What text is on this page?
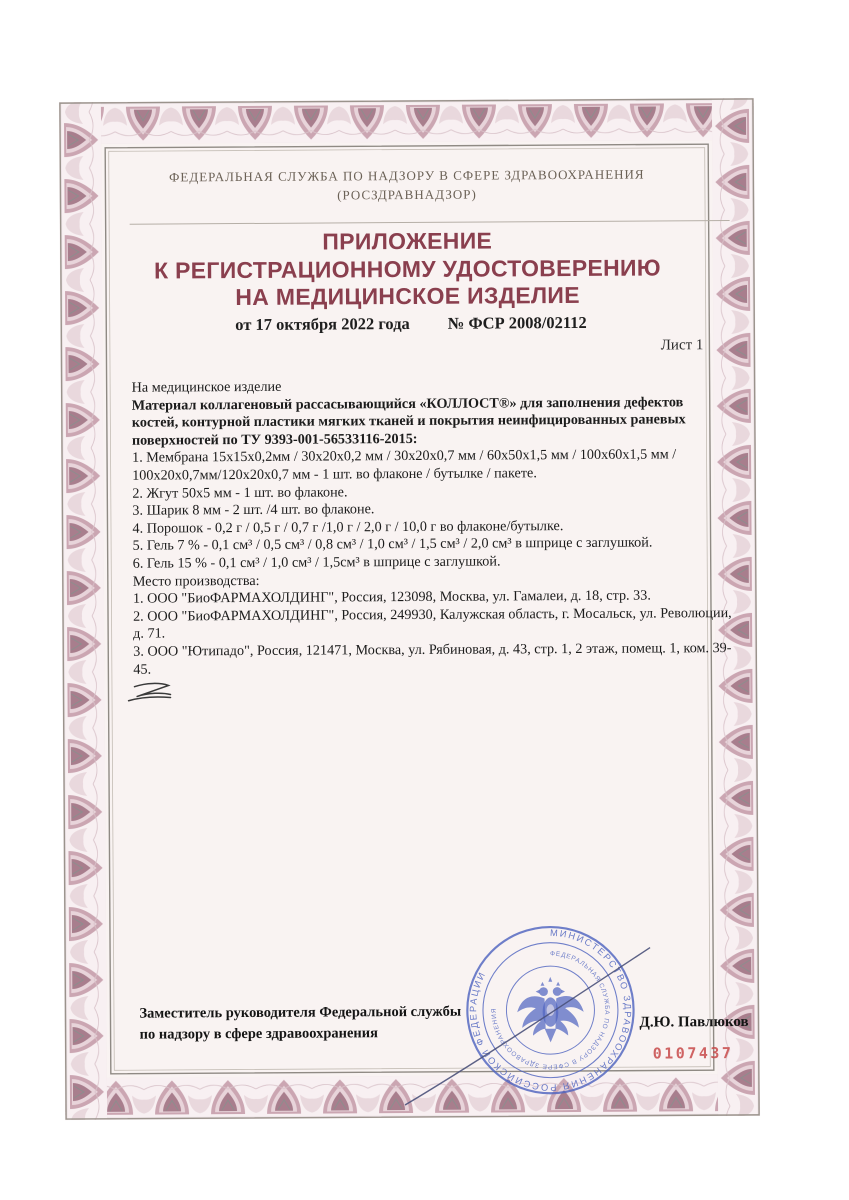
ФЕДЕРАЛЬНАЯ СЛУЖБА ПО НАДЗОРУ В СФЕРЕ ЗДРАВООХРАНЕНИЯ
(РОСЗДРАВНАДЗОР)
ПРИЛОЖЕНИЕ
К РЕГИСТРАЦИОННОМУ УДОСТОВЕРЕНИЮ
НА МЕДИЦИНСКОЕ ИЗДЕЛИЕ
от 17 октября 2022 года № ФСР 2008/02112
Лист 1
На медицинское изделие
Материал коллагеновый рассасывающийся «КОЛЛОСТ®» для заполнения дефектов костей, контурной пластики мягких тканей и покрытия неинфицированных раневых поверхностей по ТУ 9393-001-56533116-2015:
1. Мембрана 15х15х0,2мм / 30х20х0,2 мм / 30х20х0,7 мм / 60х50х1,5 мм / 100х60х1,5 мм / 100х20х0,7мм/120х20х0,7 мм - 1 шт. во флаконе / бутылке / пакете.
2. Жгут 50х5 мм - 1 шт. во флаконе.
3. Шарик 8 мм - 2 шт. /4 шт. во флаконе.
4. Порошок - 0,2 г / 0,5 г / 0,7 г /1,0 г / 2,0 г / 10,0 г во флаконе/бутылке.
5. Гель 7 % - 0,1 см³ / 0,5 см³ / 0,8 см³ / 1,0 см³ / 1,5 см³ / 2,0 см³ в шприце с заглушкой.
6. Гель 15 % - 0,1 см³ / 1,0 см³ / 1,5см³ в шприце с заглушкой.
Место производства:
1. ООО "БиоФАРМАХОЛДИНГ", Россия, 123098, Москва, ул. Гамалеи, д. 18, стр. 33.
2. ООО "БиоФАРМАХОЛДИНГ", Россия, 249930, Калужская область, г. Мосальск, ул. Революции, д. 71.
3. ООО "Ютипадо", Россия, 121471, Москва, ул. Рябиновая, д. 43, стр. 1, 2 этаж, помещ. 1, ком. 39-45.
Заместитель руководителя Федеральной службы
по надзору в сфере здравоохранения
Д.Ю. Павлюков
МИНИСТЕРСТВО ЗДРАВООХРАНЕНИЯ РОССИЙСКОЙ ФЕДЕРАЦИИ
ФЕДЕРАЛЬНАЯ СЛУЖБА ПО НАДЗОРУ В СФЕРЕ ЗДРАВООХРАНЕНИЯ
0107437
